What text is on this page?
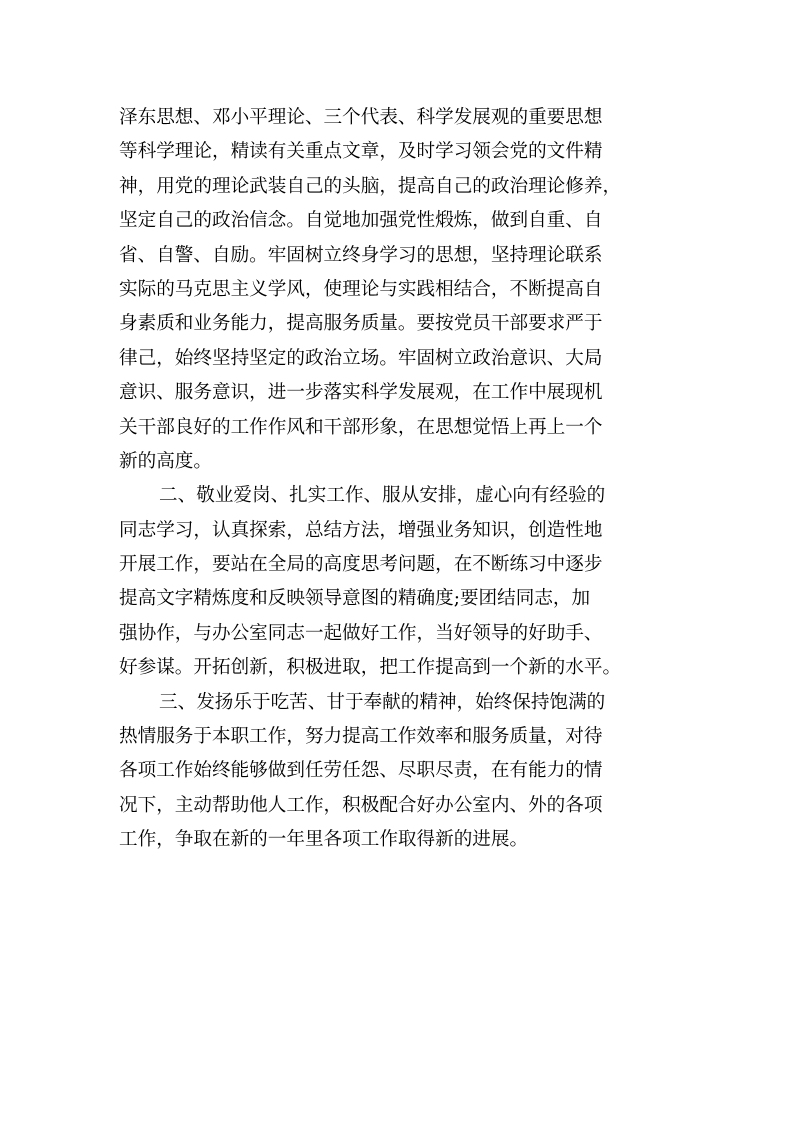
泽东思想、邓小平理论、三个代表、科学发展观的重要思想
等科学理论，精读有关重点文章，及时学习领会党的文件精
神，用党的理论武装自己的头脑，提高自己的政治理论修养，
坚定自己的政治信念。自觉地加强党性煅炼，做到自重、自
省、自警、自励。牢固树立终身学习的思想，坚持理论联系
实际的马克思主义学风，使理论与实践相结合，不断提高自
身素质和业务能力，提高服务质量。要按党员干部要求严于
律己，始终坚持坚定的政治立场。牢固树立政治意识、大局
意识、服务意识，进一步落实科学发展观，在工作中展现机
关干部良好的工作作风和干部形象，在思想觉悟上再上一个
新的高度。
二、敬业爱岗、扎实工作、服从安排，虚心向有经验的
同志学习，认真探索，总结方法，增强业务知识，创造性地
开展工作，要站在全局的高度思考问题，在不断练习中逐步
提高文字精炼度和反映领导意图的精确度;要团结同志，加
强协作，与办公室同志一起做好工作，当好领导的好助手、
好参谋。开拓创新，积极进取，把工作提高到一个新的水平。
三、发扬乐于吃苦、甘于奉献的精神，始终保持饱满的
热情服务于本职工作，努力提高工作效率和服务质量，对待
各项工作始终能够做到任劳任怨、尽职尽责，在有能力的情
况下，主动帮助他人工作，积极配合好办公室内、外的各项
工作，争取在新的一年里各项工作取得新的进展。
